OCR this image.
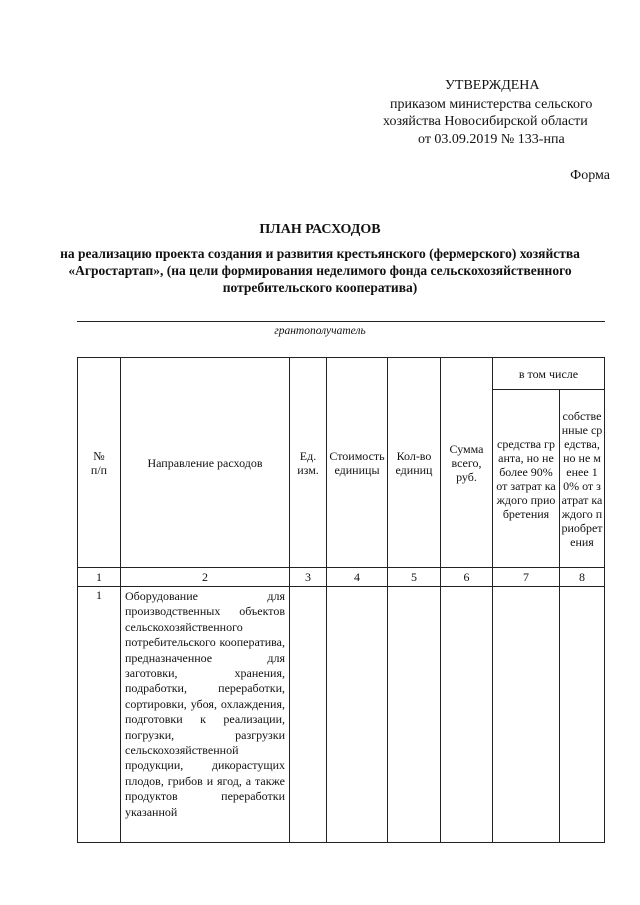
УТВЕРЖДЕНА
приказом министерства сельского
хозяйства Новосибирской области
от 03.09.2019 № 133-нпа
Форма
ПЛАН РАСХОДОВ
на реализацию проекта создания и развития крестьянского (фермерского) хозяйства «Агростартап», (на цели формирования неделимого фонда сельскохозяйственного потребительского кооператива)
грантополучатель
№ п/п	Направление расходов	Ед. изм.	Стоимость единицы	Кол-во единиц	Сумма всего, руб.	в том числе	
						средства гранта, но не более 90% от затрат каждого приобретения	собственные средства, но не менее 10% от затрат каждого приобретения
1	2	3	4	5	6	7	8
1	Оборудование для производственных объектов сельскохозяйственного потребительского кооператива, предназначенное для заготовки, хранения, подработки, переработки, сортировки, убоя, охлаждения, подготовки к реализации, погрузки, разгрузки сельскохозяйственной продукции, дикорастущих плодов, грибов и ягод, а также продуктов переработки указанной						
